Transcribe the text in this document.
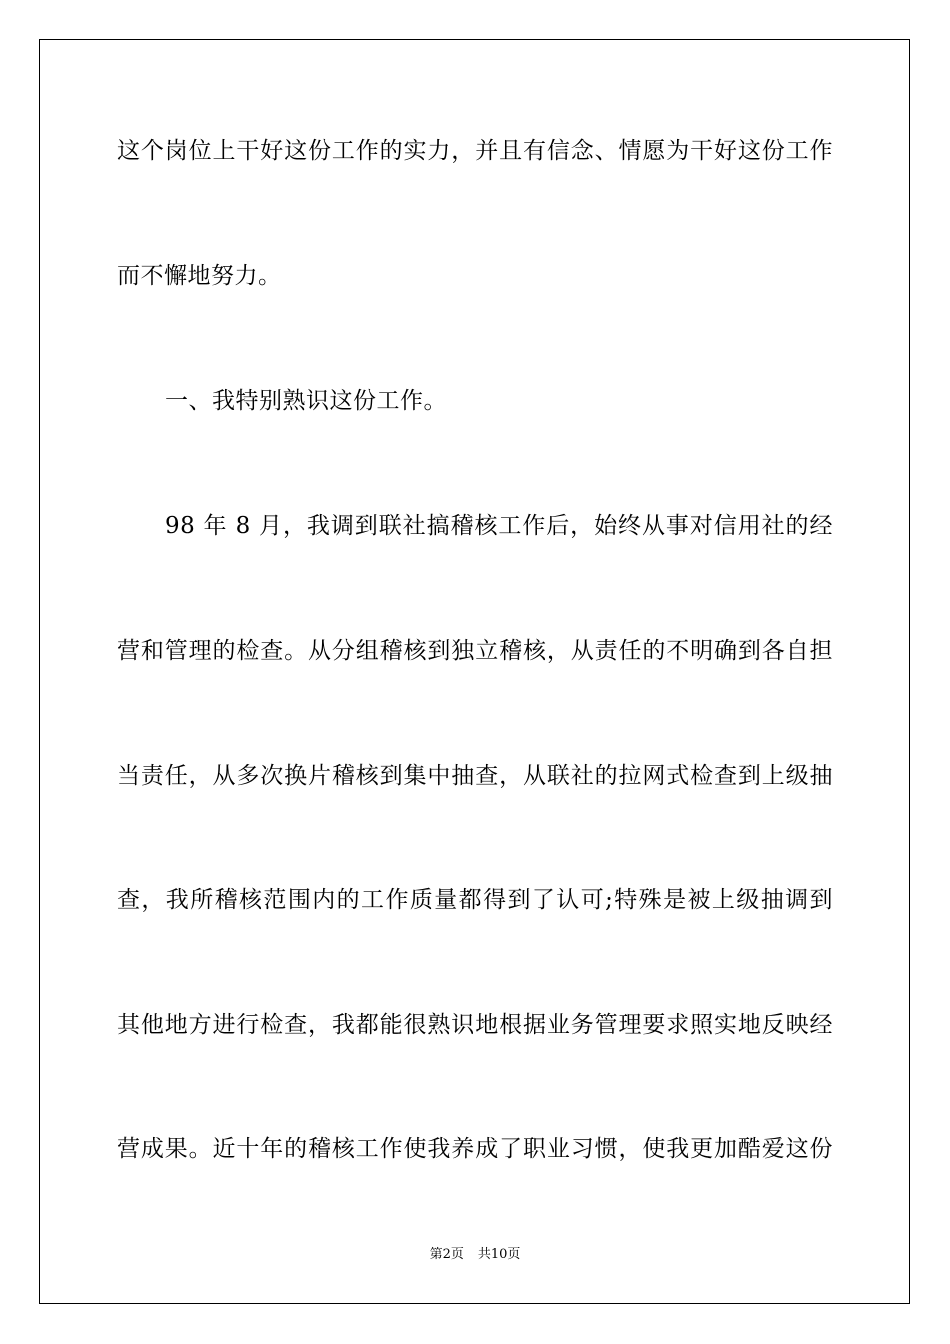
这个岗位上干好这份工作的实力，并且有信念、情愿为干好这份工作
而不懈地努力。
一、我特别熟识这份工作。
98 年 8 月，我调到联社搞稽核工作后，始终从事对信用社的经
营和管理的检查。从分组稽核到独立稽核，从责任的不明确到各自担
当责任，从多次换片稽核到集中抽查，从联社的拉网式检查到上级抽
查，我所稽核范围内的工作质量都得到了认可;特殊是被上级抽调到
其他地方进行检查，我都能很熟识地根据业务管理要求照实地反映经
营成果。近十年的稽核工作使我养成了职业习惯，使我更加酷爱这份
第2页 共10页
